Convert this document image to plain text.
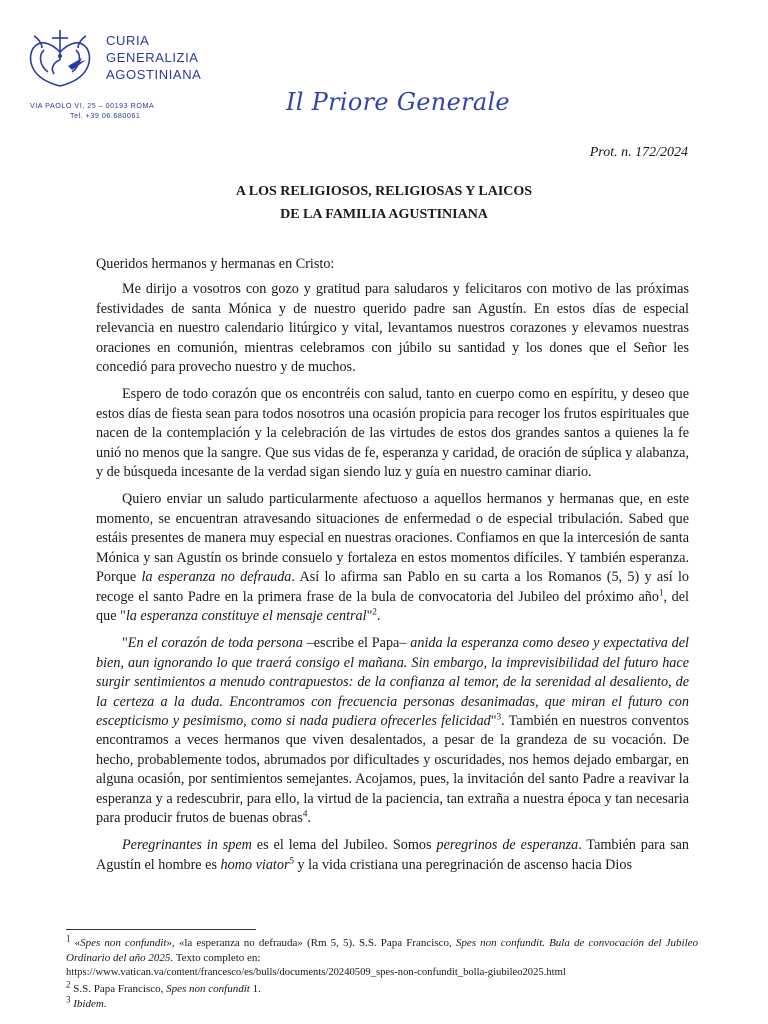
CURIA
GENERALIZIA
AGOSTINIANA
VIA PAOLO VI, 25 – 00193 ROMA
Tel. +39 06.680061	Il Priore Generale
Prot. n. 172/2024
A LOS RELIGIOSOS, RELIGIOSAS Y LAICOS
DE LA FAMILIA AGUSTINIANA

Queridos hermanos y hermanas en Cristo:

Me dirijo a vosotros con gozo y gratitud para saludaros y felicitaros con motivo de las próximas festividades de santa Mónica y de nuestro querido padre san Agustín. En estos días de especial relevancia en nuestro calendario litúrgico y vital, levantamos nuestros corazones y elevamos nuestras oraciones en comunión, mientras celebramos con júbilo su santidad y los dones que el Señor les concedió para provecho nuestro y de muchos.

Espero de todo corazón que os encontréis con salud, tanto en cuerpo como en espíritu, y deseo que estos días de fiesta sean para todos nosotros una ocasión propicia para recoger los frutos espirituales que nacen de la contemplación y la celebración de las virtudes de estos dos grandes santos a quienes la fe unió no menos que la sangre. Que sus vidas de fe, esperanza y caridad, de oración de súplica y alabanza, y de búsqueda incesante de la verdad sigan siendo luz y guía en nuestro caminar diario.

Quiero enviar un saludo particularmente afectuoso a aquellos hermanos y hermanas que, en este momento, se encuentran atravesando situaciones de enfermedad o de especial tribulación. Sabed que estáis presentes de manera muy especial en nuestras oraciones. Confiamos en que la intercesión de santa Mónica y san Agustín os brinde consuelo y fortaleza en estos momentos difíciles. Y también esperanza. Porque la esperanza no defrauda. Así lo afirma san Pablo en su carta a los Romanos (5, 5) y así lo recoge el santo Padre en la primera frase de la bula de convocatoria del Jubileo del próximo año$^1$, del que "la esperanza constituye el mensaje central"$^2$.

"En el corazón de toda persona –escribe el Papa– anida la esperanza como deseo y expectativa del bien, aun ignorando lo que traerá consigo el mañana. Sin embargo, la imprevisibilidad del futuro hace surgir sentimientos a menudo contrapuestos: de la confianza al temor, de la serenidad al desaliento, de la certeza a la duda. Encontramos con frecuencia personas desanimadas, que miran el futuro con escepticismo y pesimismo, como si nada pudiera ofrecerles felicidad"$^3$. También en nuestros conventos encontramos a veces hermanos que viven desalentados, a pesar de la grandeza de su vocación. De hecho, probablemente todos, abrumados por dificultades y oscuridades, nos hemos dejado embargar, en alguna ocasión, por sentimientos semejantes. Acojamos, pues, la invitación del santo Padre a reavivar la esperanza y a redescubrir, para ello, la virtud de la paciencia, tan extraña a nuestra época y tan necesaria para producir frutos de buenas obras$^4$.

Peregrinantes in spem es el lema del Jubileo. Somos peregrinos de esperanza. También para san Agustín el hombre es homo viator$^5$ y la vida cristiana una peregrinación de ascenso hacia Dios

$^1$ «Spes non confundit», «la esperanza no defrauda» (Rm 5, 5). S.S. Papa Francisco, Spes non confundit. Bula de convocación del Jubileo Ordinario del año 2025. Texto completo en:
https://www.vatican.va/content/francesco/es/bulls/documents/20240509_spes-non-confundit_bolla-giubileo2025.html
$^2$ S.S. Papa Francisco, Spes non confundit 1.
$^3$ Ibidem.
